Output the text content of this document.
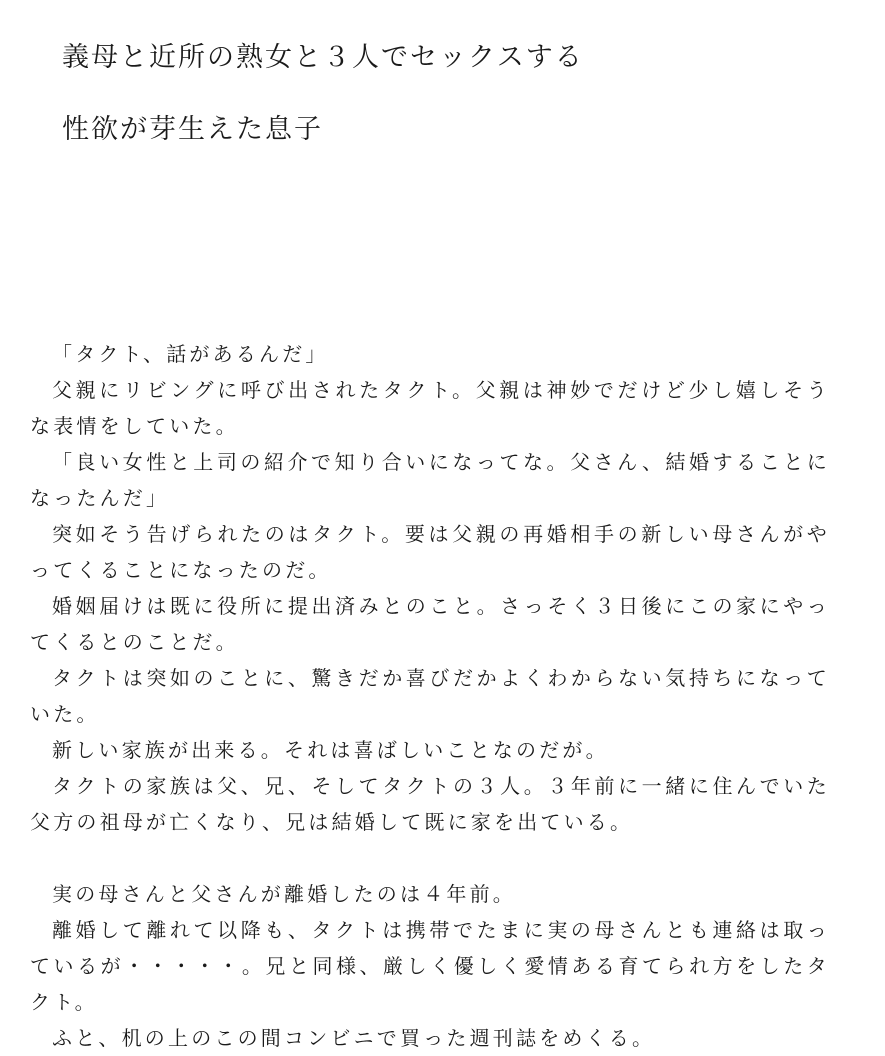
義母と近所の熟女と３人でセックスする
性欲が芽生えた息子

「タクト、話があるんだ」

父親にリビングに呼び出されたタクト。父親は神妙でだけど少し嬉しそうな表情をしていた。

「良い女性と上司の紹介で知り合いになってな。父さん、結婚することになったんだ」

突如そう告げられたのはタクト。要は父親の再婚相手の新しい母さんがやってくることになったのだ。

婚姻届けは既に役所に提出済みとのこと。さっそく３日後にこの家にやってくるとのことだ。

タクトは突如のことに、驚きだか喜びだかよくわからない気持ちになっていた。

新しい家族が出来る。それは喜ばしいことなのだが。

タクトの家族は父、兄、そしてタクトの３人。３年前に一緒に住んでいた父方の祖母が亡くなり、兄は結婚して既に家を出ている。

実の母さんと父さんが離婚したのは４年前。

離婚して離れて以降も、タクトは携帯でたまに実の母さんとも連絡は取っているが・・・・・。兄と同様、厳しく優しく愛情ある育てられ方をしたタクト。

ふと、机の上のこの間コンビニで買った週刊誌をめくる。
